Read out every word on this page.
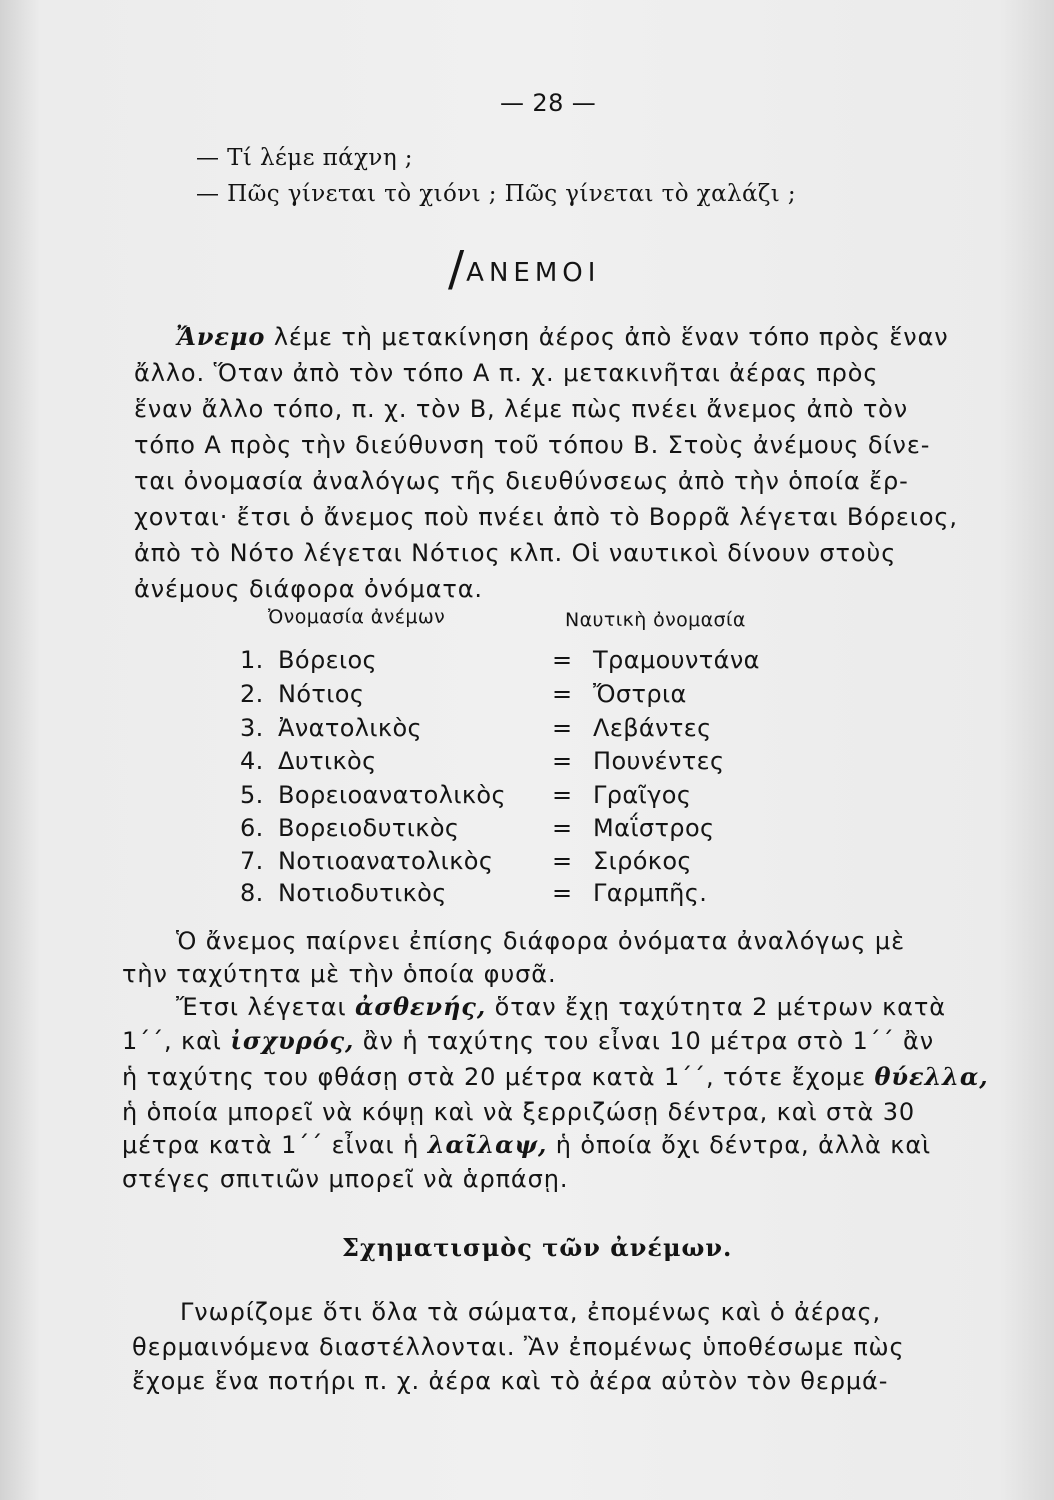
— 28 —
— Τί λέμε πάχνη ;
— Πῶς γίνεται τὸ χιόνι ; Πῶς γίνεται τὸ χαλάζι ;
/ΑΝΕΜΟΙ
Ἄνεμο λέμε τὴ μετακίνηση ἀέρος ἀπὸ ἕναν τόπο πρὸς ἕναν
ἄλλο. Ὅταν ἀπὸ τὸν τόπο Α π. χ. μετακινῆται ἀέρας πρὸς
ἕναν ἄλλο τόπο, π. χ. τὸν Β, λέμε πὼς πνέει ἄνεμος ἀπὸ τὸν
τόπο Α πρὸς τὴν διεύθυνση τοῦ τόπου Β. Στοὺς ἀνέμους δίνε-
ται ὀνομασία ἀναλόγως τῆς διευθύνσεως ἀπὸ τὴν ὁποία ἔρ-
χονται· ἔτσι ὁ ἄνεμος ποὺ πνέει ἀπὸ τὸ Βορρᾶ λέγεται Βόρειος,
ἀπὸ τὸ Νότο λέγεται Νότιος κλπ. Οἱ ναυτικοὶ δίνουν στοὺς
ἀνέμους διάφορα ὀνόματα.
Ὀνομασία ἀνέμων	Ναυτικὴ ὀνομασία
1. Βόρειος	= Τραμουντάνα
2. Νότιος	= Ὄστρια
3. Ἀνατολικὸς	= Λεβάντες
4. Δυτικὸς	= Πουνέντες
5. Βορειοανατολικὸς = Γραῖγος
6. Βορειοδυτικὸς	= Μαΐστρος
7. Νοτιοανατολικὸς = Σιρόκος
8. Νοτιοδυτικὸς	= Γαρμπῆς.
Ὁ ἄνεμος παίρνει ἐπίσης διάφορα ὀνόματα ἀναλόγως μὲ
τὴν ταχύτητα μὲ τὴν ὁποία φυσᾶ.
Ἔτσι λέγεται ἀσθενής, ὅταν ἔχῃ ταχύτητα 2 μέτρων κατὰ
1΄΄, καὶ ἰσχυρός, ἂν ἡ ταχύτης του εἶναι 10 μέτρα στὸ 1΄΄ ἂν
ἡ ταχύτης του φθάσῃ στὰ 20 μέτρα κατὰ 1΄΄, τότε ἔχομε θύελλα,
ἡ ὁποία μπορεῖ νὰ κόψῃ καὶ νὰ ξερριζώσῃ δέντρα, καὶ στὰ 30
μέτρα κατὰ 1΄΄ εἶναι ἡ λαῖλαψ, ἡ ὁποία ὄχι δέντρα, ἀλλὰ καὶ
στέγες σπιτιῶν μπορεῖ νὰ ἁρπάσῃ.
Σχηματισμὸς τῶν ἀνέμων.
Γνωρίζομε ὅτι ὅλα τὰ σώματα, ἐπομένως καὶ ὁ ἀέρας,
θερμαινόμενα διαστέλλονται. Ἂν ἐπομένως ὑποθέσωμε πὼς
ἔχομε ἕνα ποτήρι π. χ. ἀέρα καὶ τὸ ἀέρα αὐτὸν τὸν θερμά-
